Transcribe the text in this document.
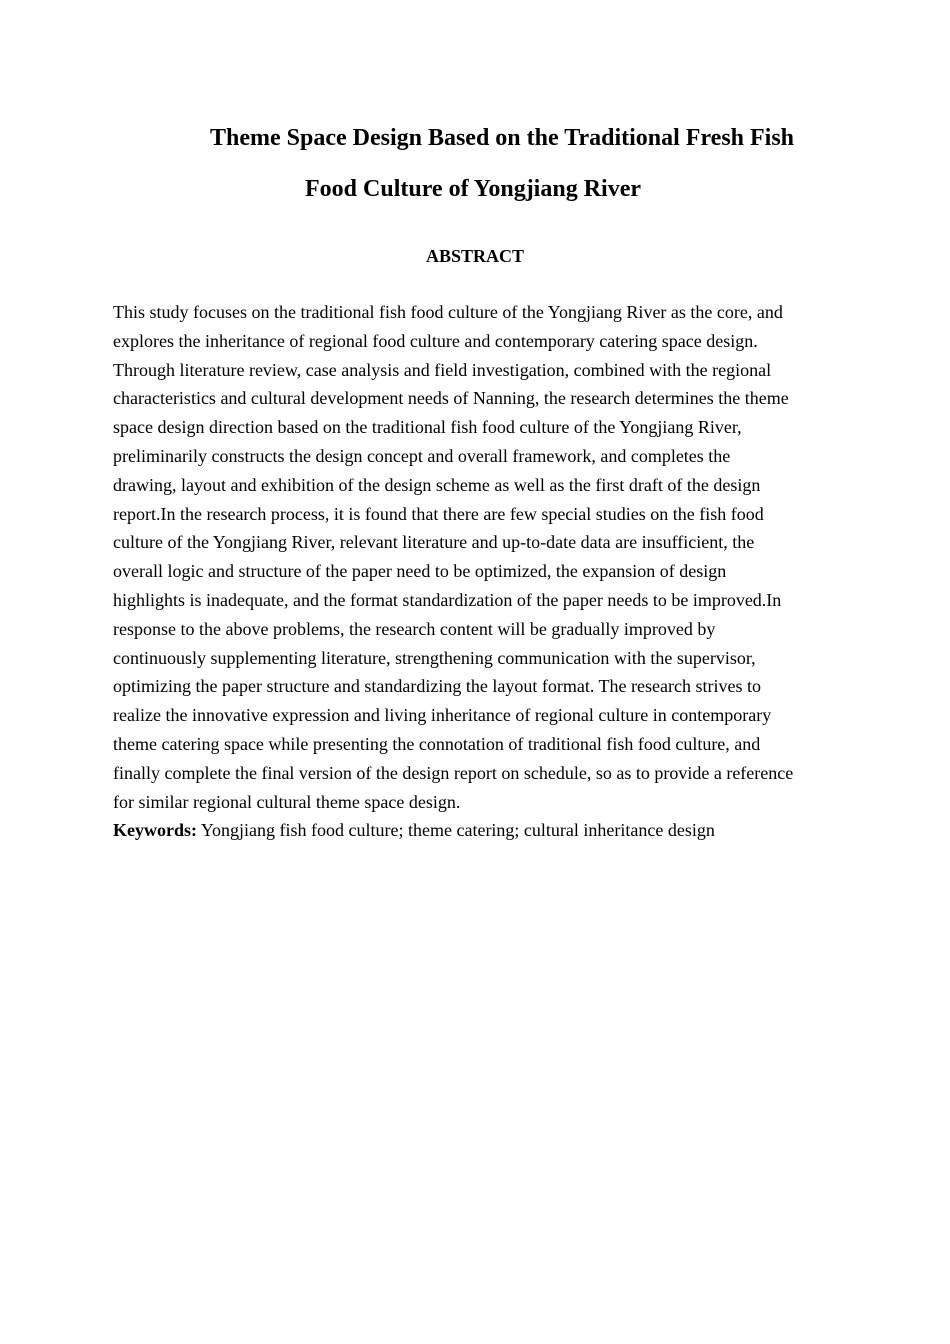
Theme Space Design Based on the Traditional Fresh Fish
Food Culture of Yongjiang River
ABSTRACT
This study focuses on the traditional fish food culture of the Yongjiang River as the core, and
explores the inheritance of regional food culture and contemporary catering space design.
Through literature review, case analysis and field investigation, combined with the regional
characteristics and cultural development needs of Nanning, the research determines the theme
space design direction based on the traditional fish food culture of the Yongjiang River,
preliminarily constructs the design concept and overall framework, and completes the
drawing, layout and exhibition of the design scheme as well as the first draft of the design
report.In the research process, it is found that there are few special studies on the fish food
culture of the Yongjiang River, relevant literature and up-to-date data are insufficient, the
overall logic and structure of the paper need to be optimized, the expansion of design
highlights is inadequate, and the format standardization of the paper needs to be improved.In
response to the above problems, the research content will be gradually improved by
continuously supplementing literature, strengthening communication with the supervisor,
optimizing the paper structure and standardizing the layout format. The research strives to
realize the innovative expression and living inheritance of regional culture in contemporary
theme catering space while presenting the connotation of traditional fish food culture, and
finally complete the final version of the design report on schedule, so as to provide a reference
for similar regional cultural theme space design.
Keywords: Yongjiang fish food culture; theme catering; cultural inheritance design
